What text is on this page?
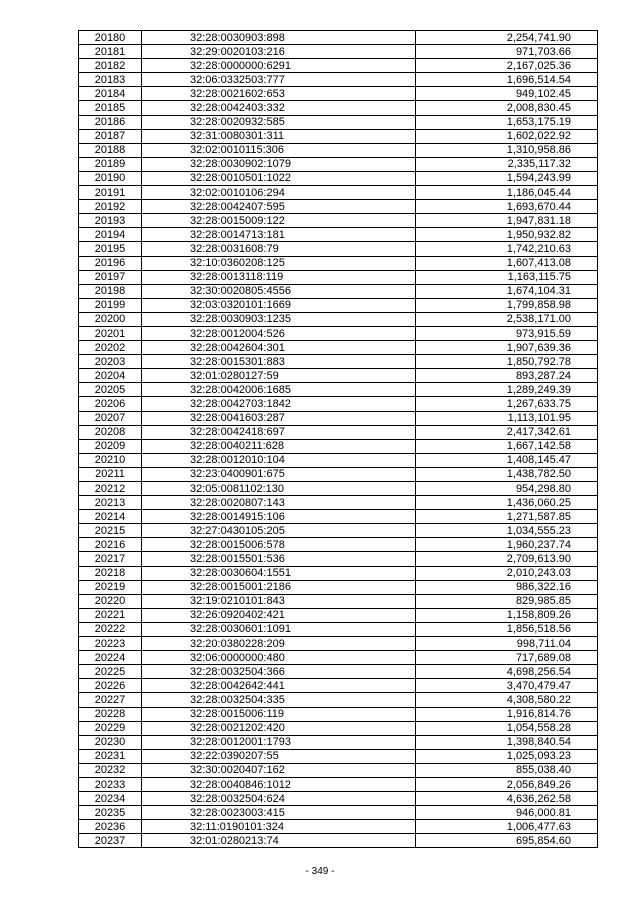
20180	32:28:0030903:898	2,254,741.90
20181	32:29:0020103:216	971,703.66
20182	32:28:0000000:6291	2,167,025.36
20183	32:06:0332503:777	1,696,514.54
20184	32:28:0021602:653	949,102.45
20185	32:28:0042403:332	2,008,830.45
20186	32:28:0020932:585	1,653,175.19
20187	32:31:0080301:311	1,602,022.92
20188	32:02:0010115:306	1,310,958.86
20189	32:28:0030902:1079	2,335,117.32
20190	32:28:0010501:1022	1,594,243.99
20191	32:02:0010106:294	1,186,045.44
20192	32:28:0042407:595	1,693,670.44
20193	32:28:0015009:122	1,947,831.18
20194	32:28:0014713:181	1,950,932.82
20195	32:28:0031608:79	1,742,210.63
20196	32:10:0360208:125	1,607,413.08
20197	32:28:0013118:119	1,163,115.75
20198	32:30:0020805:4556	1,674,104.31
20199	32:03:0320101:1669	1,799,858.98
20200	32:28:0030903:1235	2,538,171.00
20201	32:28:0012004:526	973,915.59
20202	32:28:0042604:301	1,907,639.36
20203	32:28:0015301:883	1,850,792.78
20204	32:01:0280127:59	893,287.24
20205	32:28:0042006:1685	1,289,249.39
20206	32:28:0042703:1842	1,267,633.75
20207	32:28:0041603:287	1,113,101.95
20208	32:28:0042418:697	2,417,342.61
20209	32:28:0040211:628	1,667,142.58
20210	32:28:0012010:104	1,408,145.47
20211	32:23:0400901:675	1,438,782.50
20212	32:05:0081102:130	954,298.80
20213	32:28:0020807:143	1,436,060.25
20214	32:28:0014915:106	1,271,587.85
20215	32:27:0430105:205	1,034,555.23
20216	32:28:0015006:578	1,960,237.74
20217	32:28:0015501:536	2,709,613.90
20218	32:28:0030604:1551	2,010,243.03
20219	32:28:0015001:2186	986,322.16
20220	32:19:0210101:843	829,985.85
20221	32:26:0920402:421	1,158,809.26
20222	32:28:0030601:1091	1,856,518.56
20223	32:20:0380228:209	998,711.04
20224	32:06:0000000:480	717,689.08
20225	32:28:0032504:366	4,698,256.54
20226	32:28:0042642:441	3,470,479.47
20227	32:28:0032504:335	4,308,580.22
20228	32:28:0015006:119	1,916,814.76
20229	32:28:0021202:420	1,054,558.28
20230	32:28:0012001:1793	1,398,840.54
20231	32:22:0390207:55	1,025,093.23
20232	32:30:0020407:162	855,038.40
20233	32:28:0040846:1012	2,056,849.26
20234	32:28:0032504:624	4,636,262.58
20235	32:28:0023003:415	946,000.81
20236	32:11:0190101:324	1,006,477.63
20237	32:01:0280213:74	695,854.60
- 349 -
